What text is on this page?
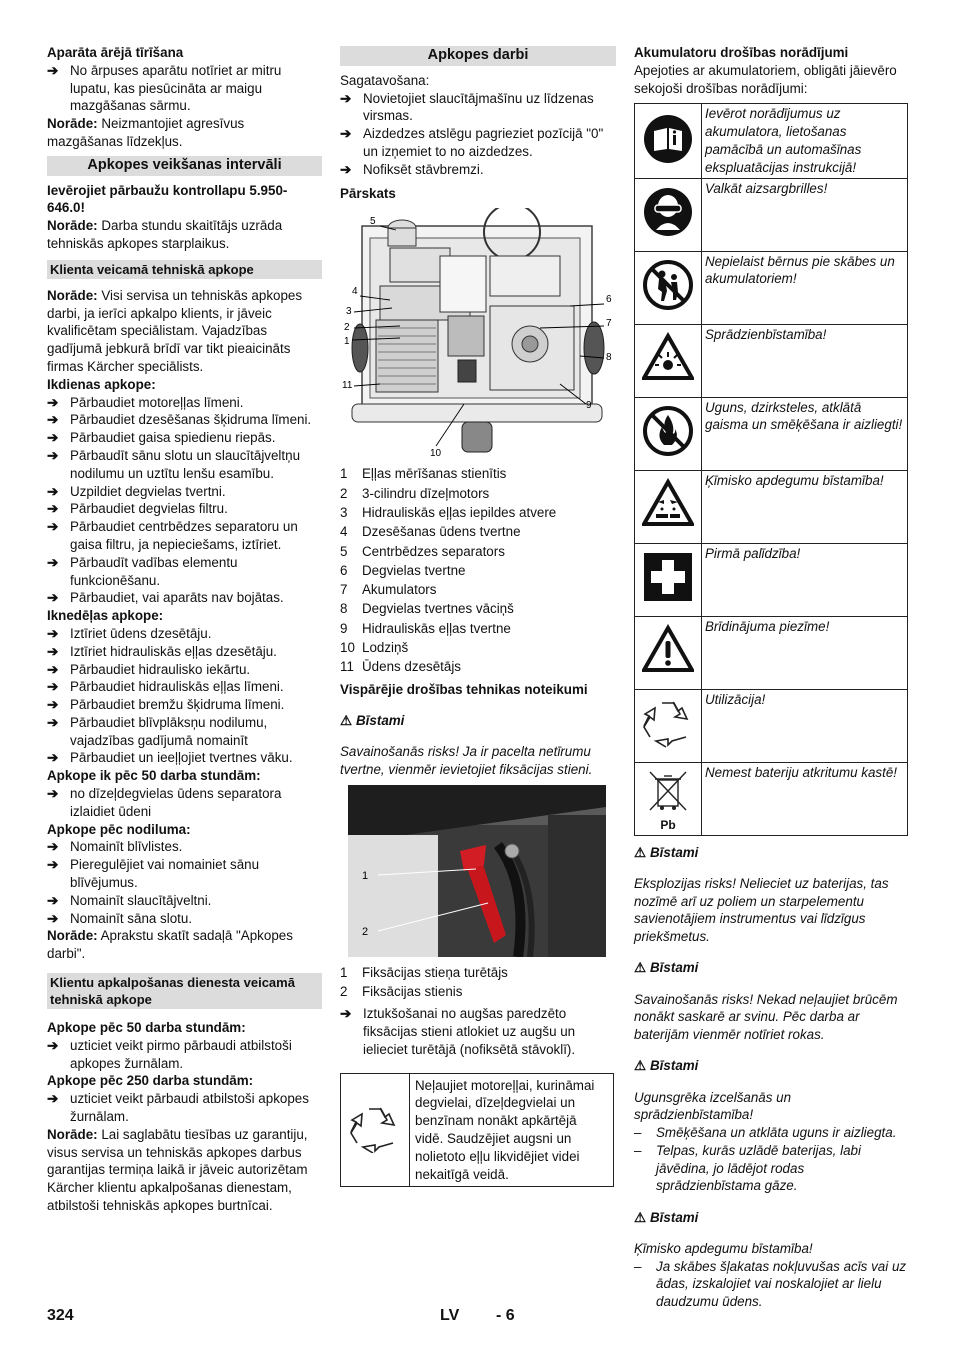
Aparāta ārējā tīrīšana

➔ No ārpuses aparātu notīriet ar mitru lupatu, kas piesūcināta ar maigu mazgāšanas sārmu.

Norāde: Neizmantojiet agresīvus mazgāšanas līdzekļus.

Apkopes veikšanas intervāli

Ievērojiet pārbaužu kontrollapu 5.950-646.0!

Norāde: Darba stundu skaitītājs uzrāda tehniskās apkopes starplaikus.

Klienta veicamā tehniskā apkope

Norāde: Visi servisa un tehniskās apkopes darbi, ja ierīci apkalpo klients, ir jāveic kvalificētam speciālistam. Vajadzības gadījumā jebkurā brīdī var tikt pieaicināts firmas Kärcher speciālists.

Ikdienas apkope:

➔ Pārbaudiet motoreļļas līmeni.
➔ Pārbaudiet dzesēšanas šķidruma līmeni.
➔ Pārbaudiet gaisa spiedienu riepās.
➔ Pārbaudīt sānu slotu un slaucītājveltņu nodilumu un uztītu lenšu esamību.
➔ Uzpildiet degvielas tvertni.
➔ Pārbaudiet degvielas filtru.
➔ Pārbaudiet centrbēdzes separatoru un gaisa filtru, ja nepieciešams, iztīriet.
➔ Pārbaudīt vadības elementu funkcionēšanu.
➔ Pārbaudiet, vai aparāts nav bojātas.

Iknedēļas apkope:

➔ Iztīriet ūdens dzesētāju.
➔ Iztīriet hidrauliskās eļļas dzesētāju.
➔ Pārbaudiet hidraulisko iekārtu.
➔ Pārbaudiet hidrauliskās eļļas līmeni.
➔ Pārbaudiet bremžu šķidruma līmeni.
➔ Pārbaudiet blīvplāksņu nodilumu, vajadzības gadījumā nomainīt
➔ Pārbaudiet un ieeļļojiet tvertnes vāku.

Apkope ik pēc 50 darba stundām:

➔ no dīzeļdegvielas ūdens separatora izlaidiet ūdeni

Apkope pēc nodiluma:

➔ Nomainīt blīvlistes.
➔ Pieregulējiet vai nomainiet sānu blīvējumus.
➔ Nomainīt slaucītājveltni.
➔ Nomainīt sāna slotu.

Norāde: Aprakstu skatīt sadaļā "Apkopes darbi".

Klientu apkalpošanas dienesta veicamā tehniskā apkope

Apkope pēc 50 darba stundām:

➔ uzticiet veikt pirmo pārbaudi atbilstoši apkopes žurnālam.

Apkope pēc 250 darba stundām:

➔ uzticiet veikt pārbaudi atbilstoši apkopes žurnālam.

Norāde: Lai saglabātu tiesības uz garantiju, visus servisa un tehniskās apkopes darbus garantijas termiņa laikā ir jāveic autorizētam Kärcher klientu apkalpošanas dienestam, atbilstoši tehniskās apkopes burtnīcai.

Apkopes darbi

Sagatavošana:

➔ Novietojiet slaucītājmašīnu uz līdzenas virsmas.
➔ Aizdedzes atslēgu pagrieziet pozīcijā "0" un izņemiet to no aizdedzes.
➔ Nofiksēt stāvbremzi.

Pārskats

5
4
3
2
1
11
10
9
8
7
6
1 Eļļas mērīšanas stienītis
2 3-cilindru dīzeļmotors
3 Hidrauliskās eļļas iepildes atvere
4 Dzesēšanas ūdens tvertne
5 Centrbēdzes separators
6 Degvielas tvertne
7 Akumulators
8 Degvielas tvertnes vāciņš
9 Hidrauliskās eļļas tvertne
10 Lodziņš
11 Ūdens dzesētājs

Vispārējie drošības tehnikas noteikumi

⚠ Bīstami

Savainošanās risks! Ja ir pacelta netīrumu tvertne, vienmēr ievietojiet fiksācijas stieni.

1
2
1 Fiksācijas stieņa turētājs
2 Fiksācijas stienis
➔ Iztukšošanai no augšas paredzēto fiksācijas stieni atlokiet uz augšu un ielieciet turētājā (nofiksētā stāvoklī).
	Neļaujiet motoreļļai, kurināmai degvielai, dīzeļdegvielai un benzīnam nonākt apkārtējā vidē. Saudzējiet augsni un nolietoto eļļu likvidējiet videi nekaitīgā veidā.

Akumulatoru drošības norādījumi

Apejoties ar akumulatoriem, obligāti jāievēro sekojoši drošības norādījumi:

	Ievērot norādījumus uz akumulatora, lietošanas pamācībā un automašīnas ekspluatācijas instrukcijā!
	Valkāt aizsargbrilles!
	Nepielaist bērnus pie skābes un akumulatoriem!
	Sprādzienbīstamība!
	Uguns, dzirksteles, atklātā gaisma un smēķēšana ir aizliegti!
	Ķīmisko apdegumu bīstamība!
	Pirmā palīdzība!
	Brīdinājuma piezīme!
	Utilizācija!

Pb	Nemest bateriju atkritumu kastē!

⚠ Bīstami

Eksplozijas risks! Nelieciet uz baterijas, tas nozīmē arī uz poliem un starpelementu savienotājiem instrumentus vai līdzīgus priekšmetus.

⚠ Bīstami

Savainošanās risks! Nekad neļaujiet brūcēm nonākt saskarē ar svinu. Pēc darba ar baterijām vienmēr notīriet rokas.

⚠ Bīstami

Ugunsgrēka izcelšanās un sprādzienbīstamība!

– Smēķēšana un atklāta uguns ir aizliegta.
– Telpas, kurās uzlādē baterijas, labi jāvēdina, jo lādējot rodas sprādzienbīstama gāze.

⚠ Bīstami

Ķīmisko apdegumu bīstamība!

– Ja skābes šļakatas nokļuvušas acīs vai uz ādas, izskalojiet vai noskalojiet ar lielu daudzumu ūdens.
324	LV - 6
